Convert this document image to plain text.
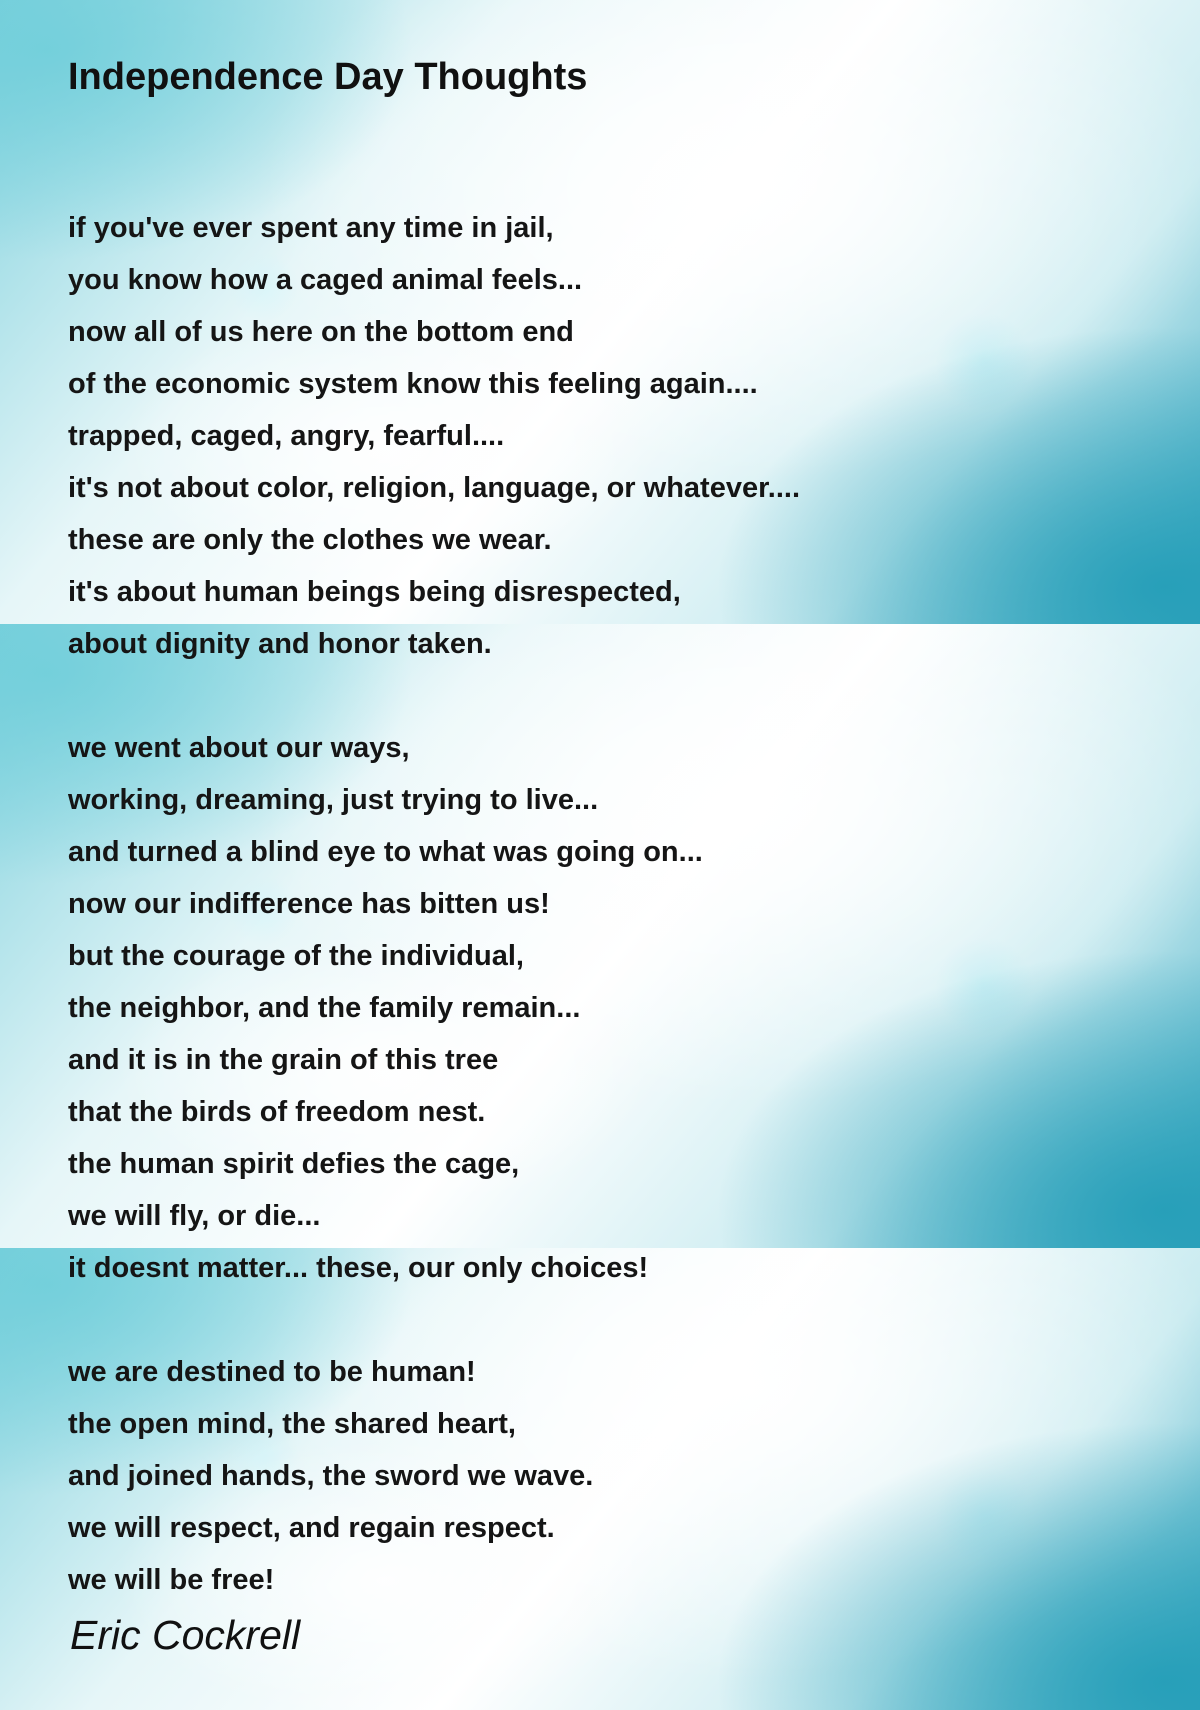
Independence Day Thoughts
if you've ever spent any time in jail,
you know how a caged animal feels...
now all of us here on the bottom end
of the economic system know this feeling again....
trapped, caged, angry, fearful....
it's not about color, religion, language, or whatever....
these are only the clothes we wear.
it's about human beings being disrespected,
about dignity and honor taken.
we went about our ways,
working, dreaming, just trying to live...
and turned a blind eye to what was going on...
now our indifference has bitten us!
but the courage of the individual,
the neighbor, and the family remain...
and it is in the grain of this tree
that the birds of freedom nest.
the human spirit defies the cage,
we will fly, or die...
it doesnt matter... these, our only choices!
we are destined to be human!
the open mind, the shared heart,
and joined hands, the sword we wave.
we will respect, and regain respect.
we will be free!
Eric Cockrell
